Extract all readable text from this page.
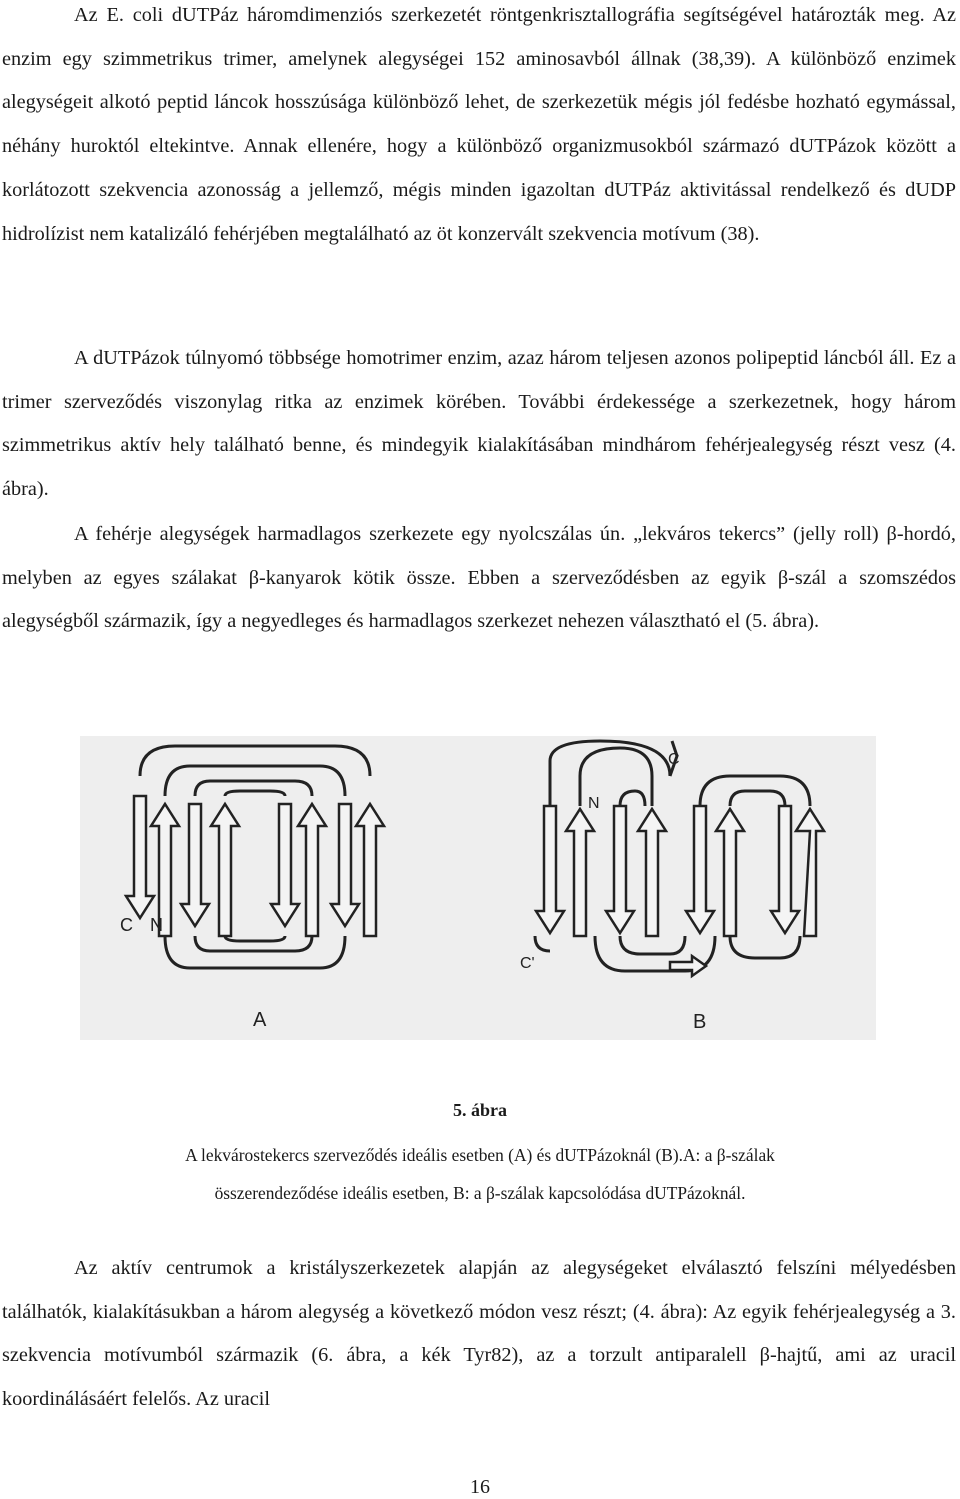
Az E. coli dUTPáz háromdimenziós szerkezetét röntgenkrisztallográfia segítségével határozták meg. Az enzim egy szimmetrikus trimer, amelynek alegységei 152 aminosavból állnak (38,39). A különböző enzimek alegységeit alkotó peptid láncok hosszúsága különböző lehet, de szerkezetük mégis jól fedésbe hozható egymással, néhány huroktól eltekintve. Annak ellenére, hogy a különböző organizmusokból származó dUTPázok között a korlátozott szekvencia azonosság a jellemző, mégis minden igazoltan dUTPáz aktivitással rendelkező és dUDP hidrolízist nem katalizáló fehérjében megtalálható az öt konzervált szekvencia motívum (38).

A dUTPázok túlnyomó többsége homotrimer enzim, azaz három teljesen azonos polipeptid láncból áll. Ez a trimer szerveződés viszonylag ritka az enzimek körében. További érdekessége a szerkezetnek, hogy három szimmetrikus aktív hely található benne, és mindegyik kialakításában mindhárom fehérjealegység részt vesz (4. ábra).

A fehérje alegységek harmadlagos szerkezete egy nyolcszálas ún. „lekváros tekercs” (jelly roll) β-hordó, melyben az egyes szálakat β-kanyarok kötik össze. Ebben a szerveződésben az egyik β-szál a szomszédos alegységből származik, így a negyedleges és harmadlagos szerkezet nehezen választható el (5. ábra).

C N
A
N
C
C'
B
5. ábra
A lekvárostekercs szerveződés ideális esetben (A) és dUTPázoknál (B).A: a β-szálak
összerendeződése ideális esetben, B: a β-szálak kapcsolódása dUTPázoknál.

Az aktív centrumok a kristályszerkezetek alapján az alegységeket elválasztó felszíni mélyedésben találhatók, kialakításukban a három alegység a következő módon vesz részt; (4. ábra): Az egyik fehérjealegység a 3. szekvencia motívumból származik (6. ábra, a kék Tyr82), az a torzult antiparalell β-hajtű, ami az uracil koordinálásáért felelős. Az uracil

16
